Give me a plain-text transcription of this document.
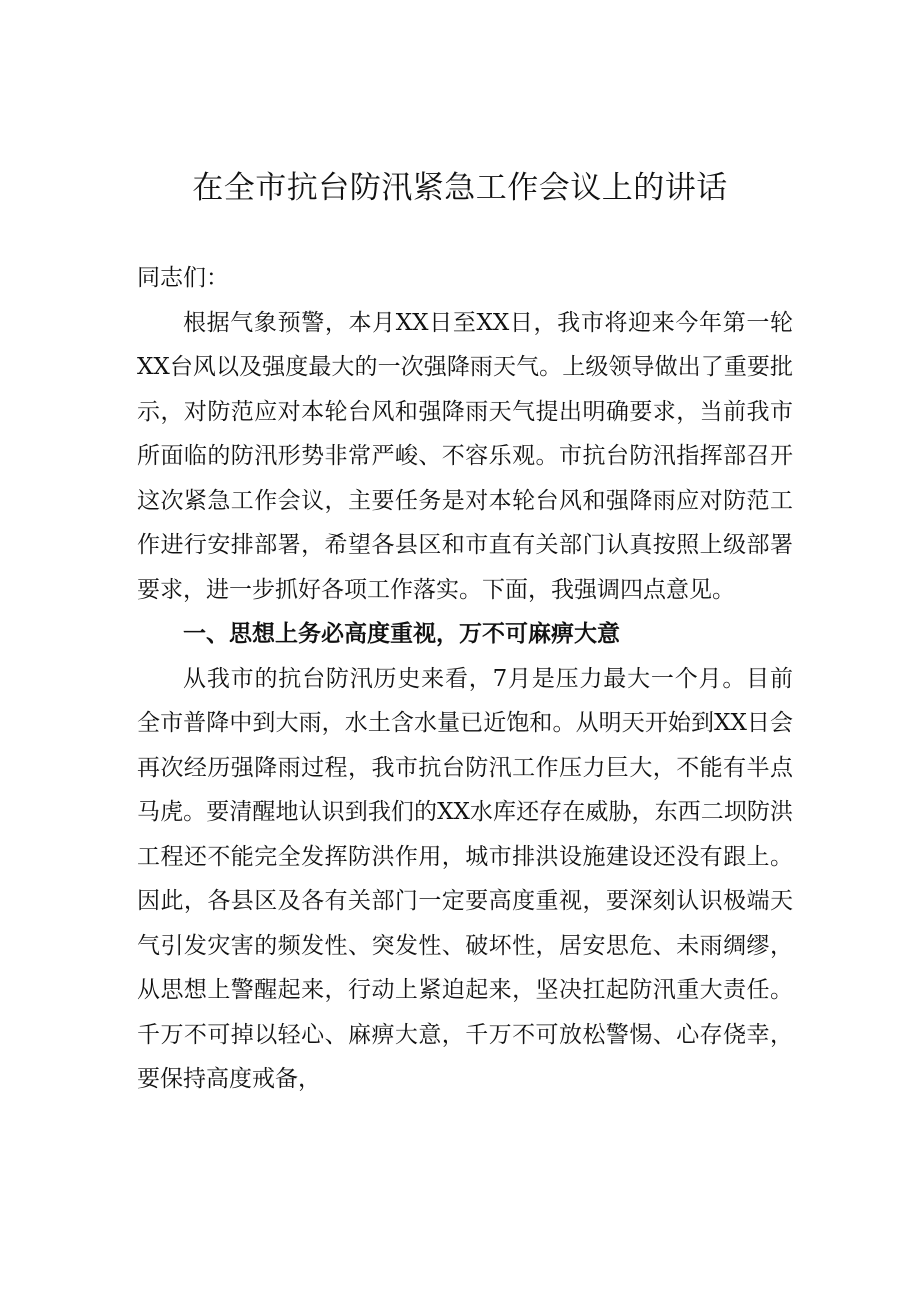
在全市抗台防汛紧急工作会议上的讲话

同志们：

根据气象预警，本月XX日至XX日，我市将迎来今年第一轮XX台风以及强度最大的一次强降雨天气。上级领导做出了重要批示，对防范应对本轮台风和强降雨天气提出明确要求，当前我市所面临的防汛形势非常严峻、不容乐观。市抗台防汛指挥部召开这次紧急工作会议，主要任务是对本轮台风和强降雨应对防范工作进行安排部署，希望各县区和市直有关部门认真按照上级部署要求，进一步抓好各项工作落实。下面，我强调四点意见。

一、思想上务必高度重视，万不可麻痹大意

从我市的抗台防汛历史来看，7月是压力最大一个月。目前全市普降中到大雨，水土含水量已近饱和。从明天开始到XX日会再次经历强降雨过程，我市抗台防汛工作压力巨大，不能有半点马虎。要清醒地认识到我们的XX水库还存在威胁，东西二坝防洪工程还不能完全发挥防洪作用，城市排洪设施建设还没有跟上。因此，各县区及各有关部门一定要高度重视，要深刻认识极端天气引发灾害的频发性、突发性、破坏性，居安思危、未雨绸缪，从思想上警醒起来，行动上紧迫起来，坚决扛起防汛重大责任。千万不可掉以轻心、麻痹大意，千万不可放松警惕、心存侥幸，要保持高度戒备，
